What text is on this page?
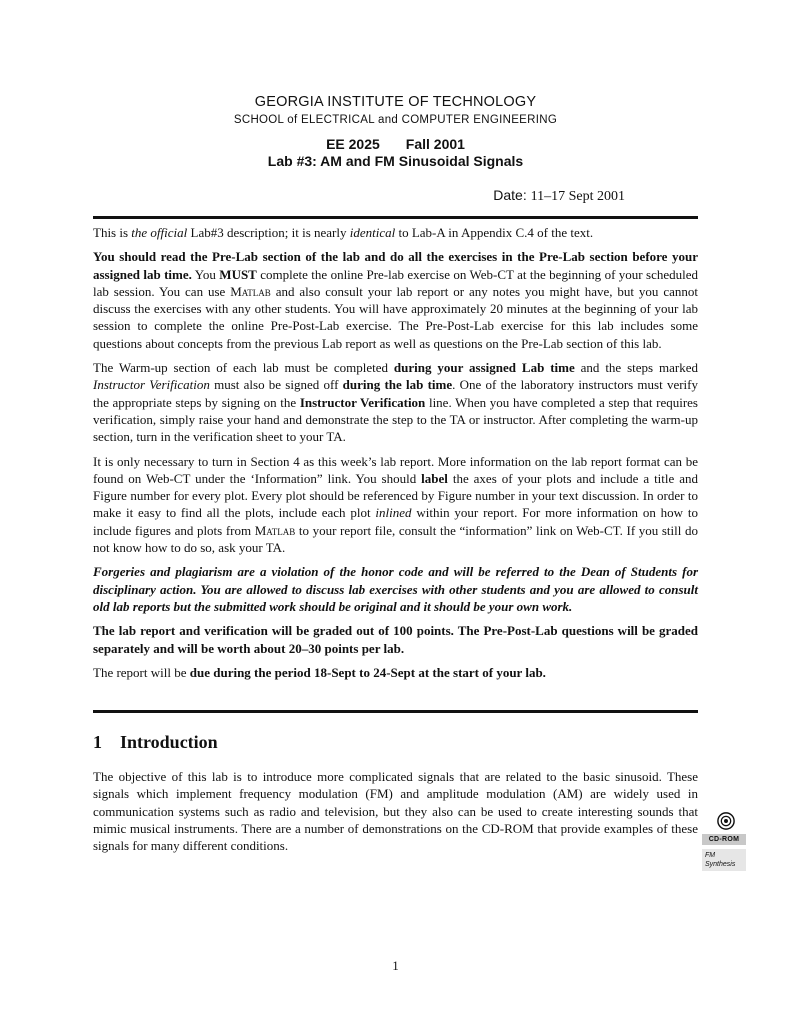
GEORGIA INSTITUTE OF TECHNOLOGY
SCHOOL of ELECTRICAL and COMPUTER ENGINEERING
EE 2025 Fall 2001
Lab #3: AM and FM Sinusoidal Signals
Date: 11–17 Sept 2001

This is the official Lab#3 description; it is nearly identical to Lab-A in Appendix C.4 of the text.

You should read the Pre-Lab section of the lab and do all the exercises in the Pre-Lab section before your assigned lab time. You MUST complete the online Pre-lab exercise on Web-CT at the beginning of your scheduled lab session. You can use Matlab and also consult your lab report or any notes you might have, but you cannot discuss the exercises with any other students. You will have approximately 20 minutes at the beginning of your lab session to complete the online Pre-Post-Lab exercise. The Pre-Post-Lab exercise for this lab includes some questions about concepts from the previous Lab report as well as questions on the Pre-Lab section of this lab.

The Warm-up section of each lab must be completed during your assigned Lab time and the steps marked Instructor Verification must also be signed off during the lab time. One of the laboratory instructors must verify the appropriate steps by signing on the Instructor Verification line. When you have completed a step that requires verification, simply raise your hand and demonstrate the step to the TA or instructor. After completing the warm-up section, turn in the verification sheet to your TA.

It is only necessary to turn in Section 4 as this week’s lab report. More information on the lab report format can be found on Web-CT under the ‘Information” link. You should label the axes of your plots and include a title and Figure number for every plot. Every plot should be referenced by Figure number in your text discussion. In order to make it easy to find all the plots, include each plot inlined within your report. For more information on how to include figures and plots from Matlab to your report file, consult the “information” link on Web-CT. If you still do not know how to do so, ask your TA.

Forgeries and plagiarism are a violation of the honor code and will be referred to the Dean of Students for disciplinary action. You are allowed to discuss lab exercises with other students and you are allowed to consult old lab reports but the submitted work should be original and it should be your own work.

The lab report and verification will be graded out of 100 points. The Pre-Post-Lab questions will be graded separately and will be worth about 20–30 points per lab.

The report will be due during the period 18-Sept to 24-Sept at the start of your lab.

1 Introduction

The objective of this lab is to introduce more complicated signals that are related to the basic sinusoid. These signals which implement frequency modulation (FM) and amplitude modulation (AM) are widely used in communication systems such as radio and television, but they also can be used to create interesting sounds that mimic musical instruments. There are a number of demonstrations on the CD-ROM that provide examples of these signals for many different conditions.	CD-ROM
FM Synthesis
1
